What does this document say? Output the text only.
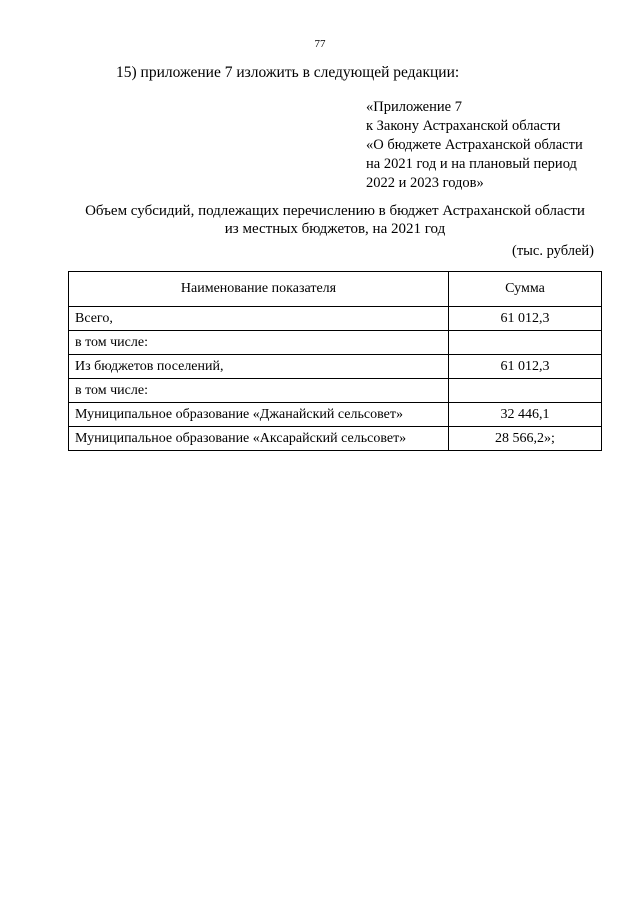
77
15) приложение 7 изложить в следующей редакции:
«Приложение 7
к Закону Астраханской области
«О бюджете Астраханской области
на 2021 год и на плановый период
2022 и 2023 годов»
Объем субсидий, подлежащих перечислению в бюджет Астраханской области
из местных бюджетов, на 2021 год
(тыс. рублей)
Наименование показателя	Сумма
Всего,	61 012,3
в том числе:	
Из бюджетов поселений,	61 012,3
в том числе:	
Муниципальное образование «Джанайский сельсовет»	32 446,1
Муниципальное образование «Аксарайский сельсовет»	28 566,2»;
